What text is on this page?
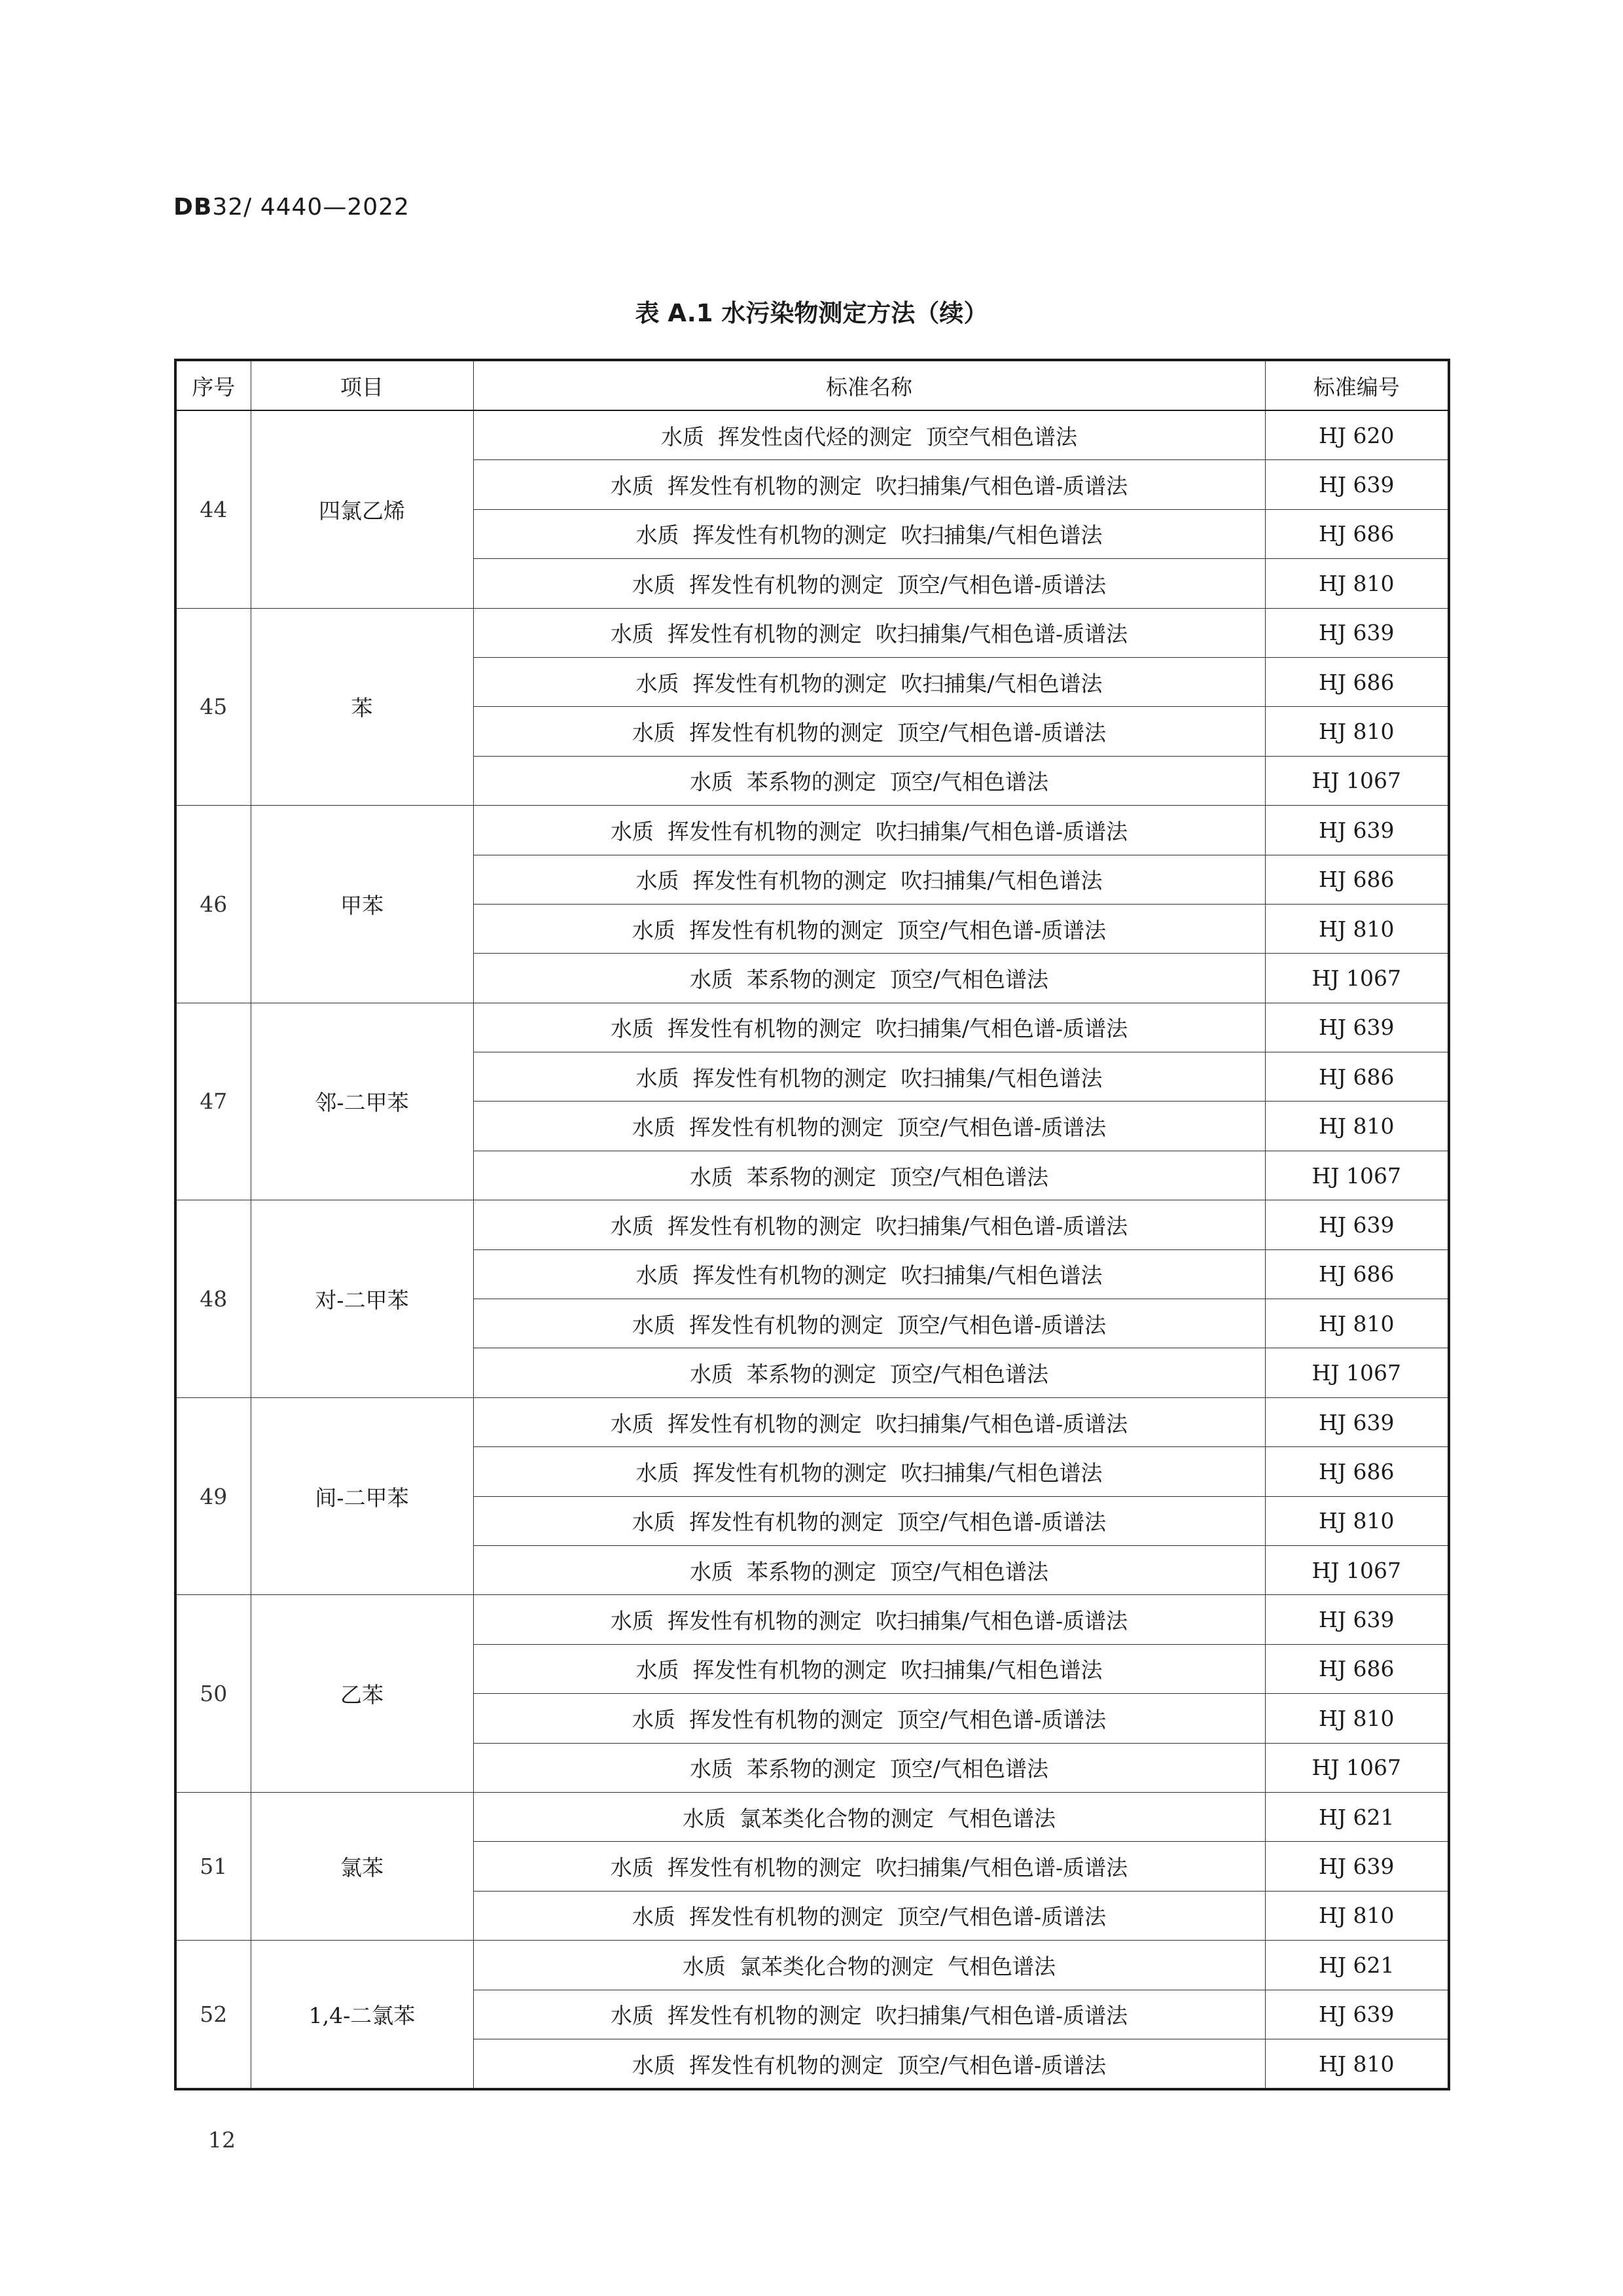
DB32/ 4440—2022

表 A.1 水污染物测定方法（续）
序号	项目	标准名称	标准编号
44	四氯乙烯	水质  挥发性卤代烃的测定  顶空气相色谱法	HJ 620
		水质  挥发性有机物的测定  吹扫捕集/气相色谱-质谱法	HJ 639
		水质  挥发性有机物的测定  吹扫捕集/气相色谱法	HJ 686
		水质  挥发性有机物的测定  顶空/气相色谱-质谱法	HJ 810
45	苯	水质  挥发性有机物的测定  吹扫捕集/气相色谱-质谱法	HJ 639
		水质  挥发性有机物的测定  吹扫捕集/气相色谱法	HJ 686
		水质  挥发性有机物的测定  顶空/气相色谱-质谱法	HJ 810
		水质  苯系物的测定  顶空/气相色谱法	HJ 1067
46	甲苯	水质  挥发性有机物的测定  吹扫捕集/气相色谱-质谱法	HJ 639
		水质  挥发性有机物的测定  吹扫捕集/气相色谱法	HJ 686
		水质  挥发性有机物的测定  顶空/气相色谱-质谱法	HJ 810
		水质  苯系物的测定  顶空/气相色谱法	HJ 1067
47	邻-二甲苯	水质  挥发性有机物的测定  吹扫捕集/气相色谱-质谱法	HJ 639
		水质  挥发性有机物的测定  吹扫捕集/气相色谱法	HJ 686
		水质  挥发性有机物的测定  顶空/气相色谱-质谱法	HJ 810
		水质  苯系物的测定  顶空/气相色谱法	HJ 1067
48	对-二甲苯	水质  挥发性有机物的测定  吹扫捕集/气相色谱-质谱法	HJ 639
		水质  挥发性有机物的测定  吹扫捕集/气相色谱法	HJ 686
		水质  挥发性有机物的测定  顶空/气相色谱-质谱法	HJ 810
		水质  苯系物的测定  顶空/气相色谱法	HJ 1067
49	间-二甲苯	水质  挥发性有机物的测定  吹扫捕集/气相色谱-质谱法	HJ 639
		水质  挥发性有机物的测定  吹扫捕集/气相色谱法	HJ 686
		水质  挥发性有机物的测定  顶空/气相色谱-质谱法	HJ 810
		水质  苯系物的测定  顶空/气相色谱法	HJ 1067
50	乙苯	水质  挥发性有机物的测定  吹扫捕集/气相色谱-质谱法	HJ 639
		水质  挥发性有机物的测定  吹扫捕集/气相色谱法	HJ 686
		水质  挥发性有机物的测定  顶空/气相色谱-质谱法	HJ 810
		水质  苯系物的测定  顶空/气相色谱法	HJ 1067
51	氯苯	水质  氯苯类化合物的测定  气相色谱法	HJ 621
		水质  挥发性有机物的测定  吹扫捕集/气相色谱-质谱法	HJ 639
		水质  挥发性有机物的测定  顶空/气相色谱-质谱法	HJ 810
52	1,4-二氯苯	水质  氯苯类化合物的测定  气相色谱法	HJ 621
		水质  挥发性有机物的测定  吹扫捕集/气相色谱-质谱法	HJ 639
		水质  挥发性有机物的测定  顶空/气相色谱-质谱法	HJ 810

12
